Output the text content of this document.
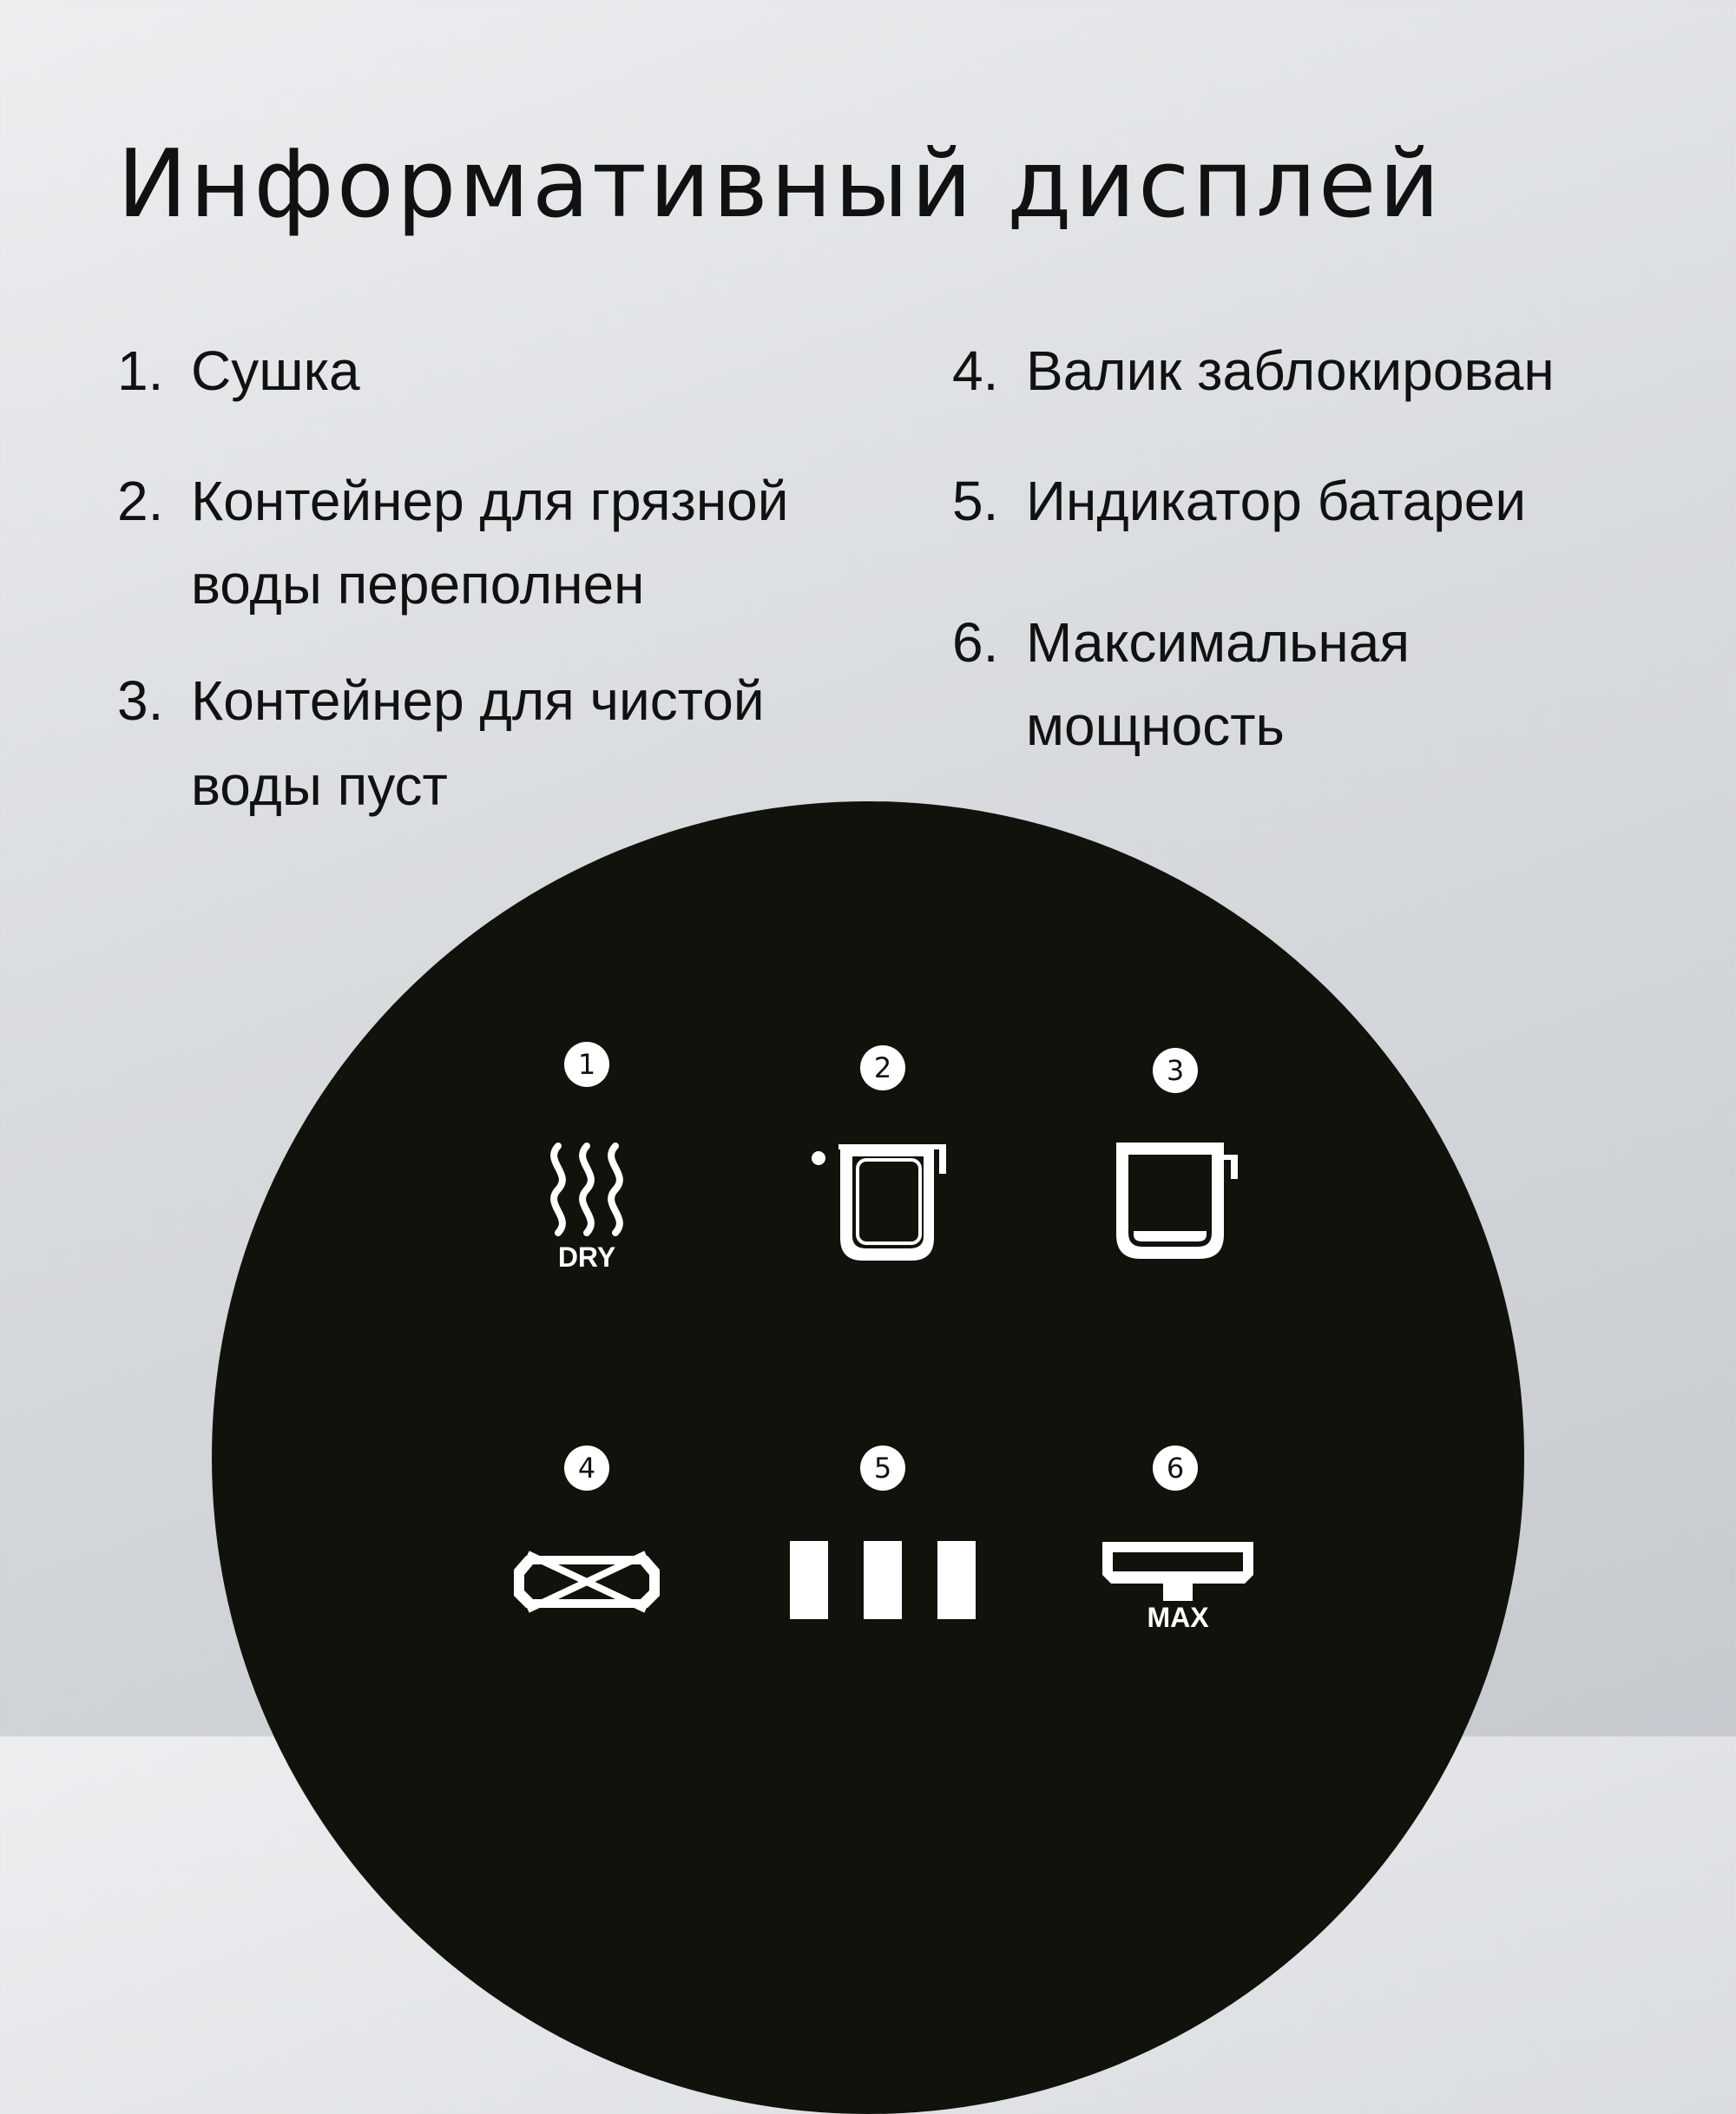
Информативный дисплей
1. Сушка
2. Контейнер для грязной
воды переполнен
3. Контейнер для чистой
воды пуст
4. Валик заблокирован
5. Индикатор батареи
6. Максимальная
мощность
1	2	3
4	5	6
DRY
MAX
